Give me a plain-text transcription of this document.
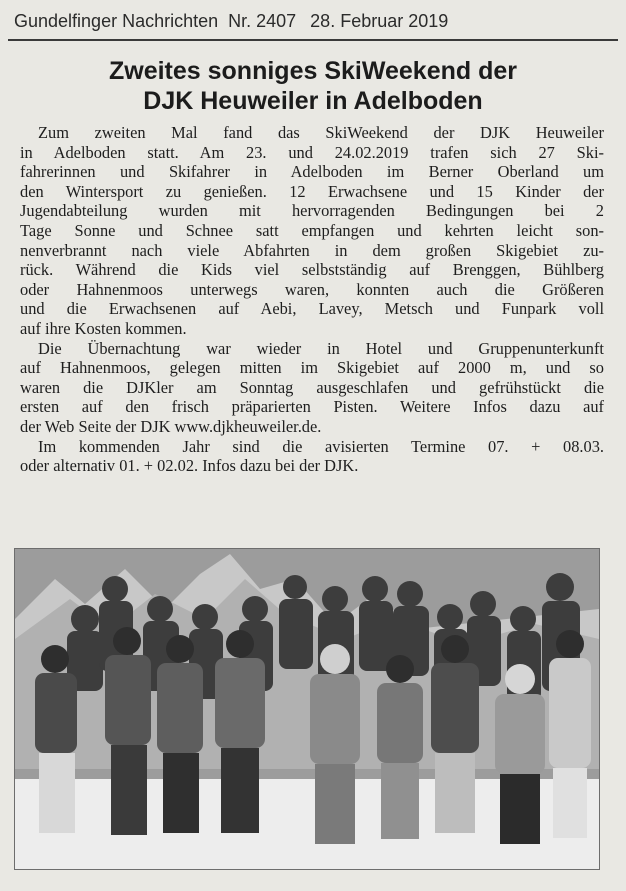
Gundelfinger Nachrichten Nr. 2407 28. Februar 2019
Zweites sonniges SkiWeekend der
DJK Heuweiler in Adelboden
Zum zweiten Mal fand das SkiWeekend der DJK Heuweiler
in Adelboden statt. Am 23. und 24.02.2019 trafen sich 27 Ski-
fahrerinnen und Skifahrer in Adelboden im Berner Oberland um
den Wintersport zu genießen. 12 Erwachsene und 15 Kinder der
Jugendabteilung wurden mit hervorragenden Bedingungen bei 2
Tage Sonne und Schnee satt empfangen und kehrten leicht son-
nenverbrannt nach viele Abfahrten in dem großen Skigebiet zu-
rück. Während die Kids viel selbstständig auf Brenggen, Bühlberg
oder Hahnenmoos unterwegs waren, konnten auch die Größeren
und die Erwachsenen auf Aebi, Lavey, Metsch und Funpark voll
auf ihre Kosten kommen.
Die Übernachtung war wieder in Hotel und Gruppenunterkunft
auf Hahnenmoos, gelegen mitten im Skigebiet auf 2000 m, und so
waren die DJKler am Sonntag ausgeschlafen und gefrühstückt die
ersten auf den frisch präparierten Pisten. Weitere Infos dazu auf
der Web Seite der DJK www.djkheuweiler.de.
Im kommenden Jahr sind die avisierten Termine 07. + 08.03.
oder alternativ 01. + 02.02. Infos dazu bei der DJK.
